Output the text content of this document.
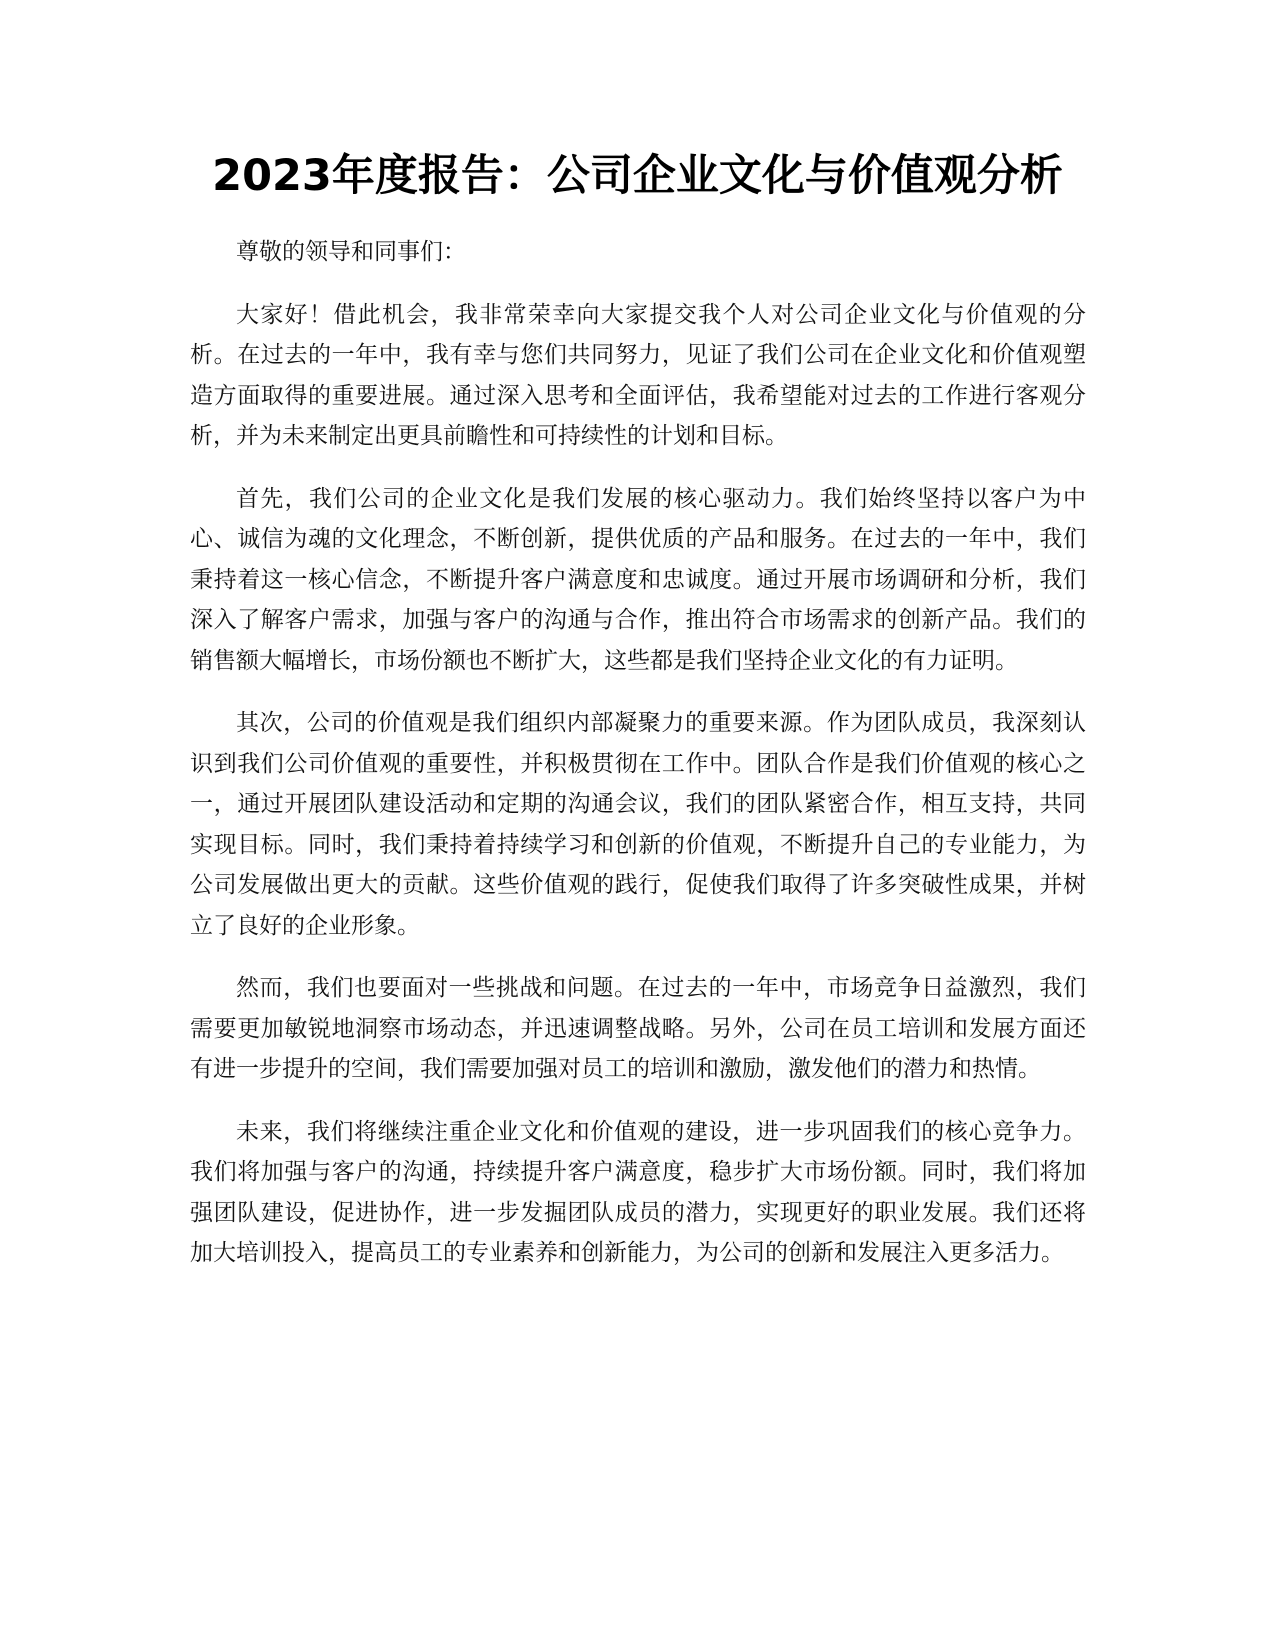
2023年度报告：公司企业文化与价值观分析

尊敬的领导和同事们：

大家好！借此机会，我非常荣幸向大家提交我个人对公司企业文化与价值观的分析。在过去的一年中，我有幸与您们共同努力，见证了我们公司在企业文化和价值观塑造方面取得的重要进展。通过深入思考和全面评估，我希望能对过去的工作进行客观分析，并为未来制定出更具前瞻性和可持续性的计划和目标。

首先，我们公司的企业文化是我们发展的核心驱动力。我们始终坚持以客户为中心、诚信为魂的文化理念，不断创新，提供优质的产品和服务。在过去的一年中，我们秉持着这一核心信念，不断提升客户满意度和忠诚度。通过开展市场调研和分析，我们深入了解客户需求，加强与客户的沟通与合作，推出符合市场需求的创新产品。我们的销售额大幅增长，市场份额也不断扩大，这些都是我们坚持企业文化的有力证明。

其次，公司的价值观是我们组织内部凝聚力的重要来源。作为团队成员，我深刻认识到我们公司价值观的重要性，并积极贯彻在工作中。团队合作是我们价值观的核心之一，通过开展团队建设活动和定期的沟通会议，我们的团队紧密合作，相互支持，共同实现目标。同时，我们秉持着持续学习和创新的价值观，不断提升自己的专业能力，为公司发展做出更大的贡献。这些价值观的践行，促使我们取得了许多突破性成果，并树立了良好的企业形象。

然而，我们也要面对一些挑战和问题。在过去的一年中，市场竞争日益激烈，我们需要更加敏锐地洞察市场动态，并迅速调整战略。另外，公司在员工培训和发展方面还有进一步提升的空间，我们需要加强对员工的培训和激励，激发他们的潜力和热情。

未来，我们将继续注重企业文化和价值观的建设，进一步巩固我们的核心竞争力。我们将加强与客户的沟通，持续提升客户满意度，稳步扩大市场份额。同时，我们将加强团队建设，促进协作，进一步发掘团队成员的潜力，实现更好的职业发展。我们还将加大培训投入，提高员工的专业素养和创新能力，为公司的创新和发展注入更多活力。
